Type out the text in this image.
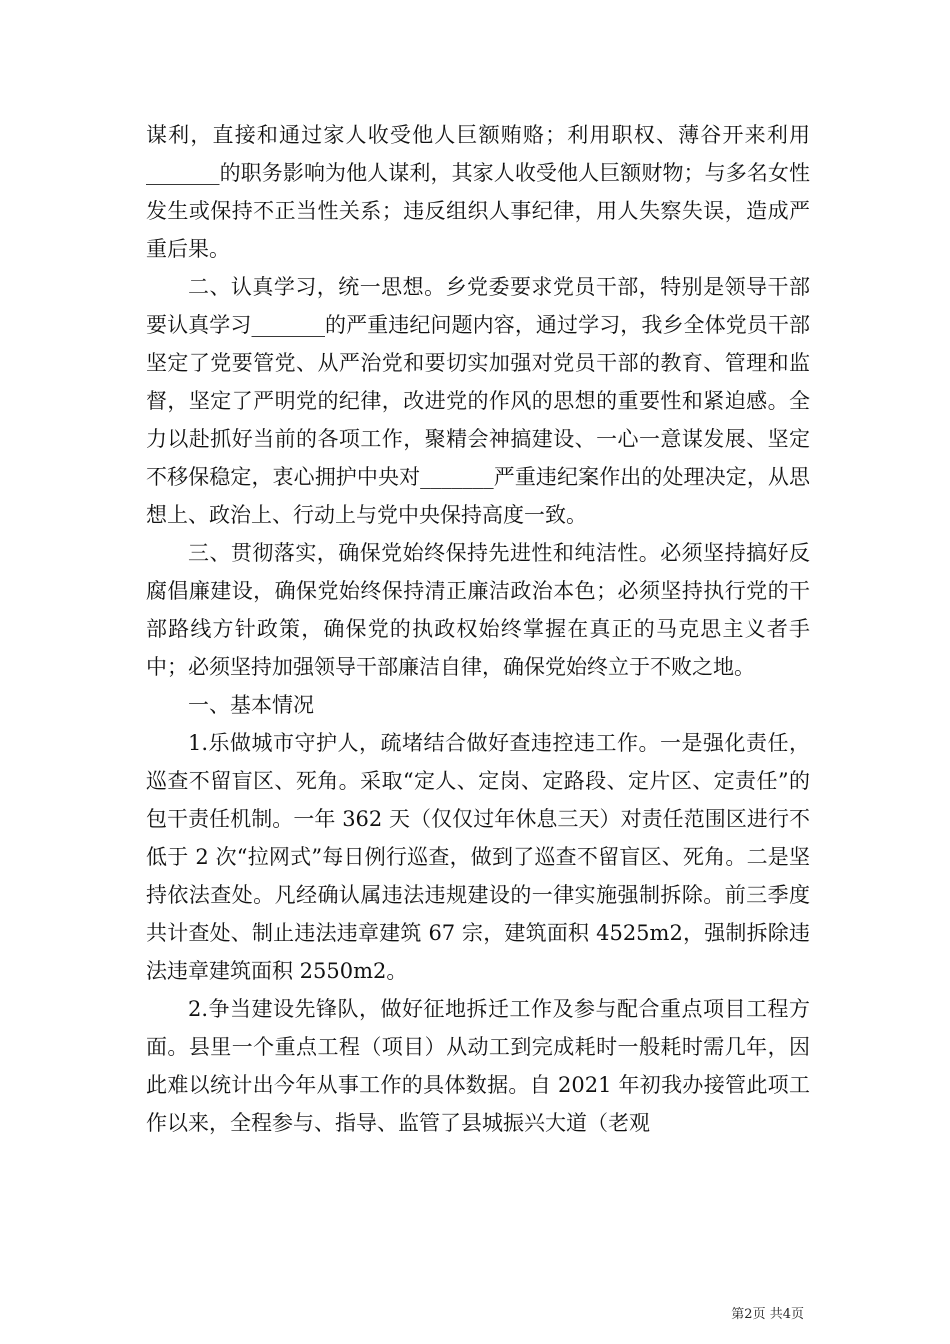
谋利，直接和通过家人收受他人巨额贿赂；利用职权、薄谷开来利用_______的职务影响为他人谋利，其家人收受他人巨额财物；与多名女性发生或保持不正当性关系；违反组织人事纪律，用人失察失误，造成严重后果。

二、认真学习，统一思想。乡党委要求党员干部，特别是领导干部要认真学习_______的严重违纪问题内容，通过学习，我乡全体党员干部坚定了党要管党、从严治党和要切实加强对党员干部的教育、管理和监督，坚定了严明党的纪律，改进党的作风的思想的重要性和紧迫感。全力以赴抓好当前的各项工作，聚精会神搞建设、一心一意谋发展、坚定不移保稳定，衷心拥护中央对_______严重违纪案作出的处理决定，从思想上、政治上、行动上与党中央保持高度一致。

三、贯彻落实，确保党始终保持先进性和纯洁性。必须坚持搞好反腐倡廉建设，确保党始终保持清正廉洁政治本色；必须坚持执行党的干部路线方针政策，确保党的执政权始终掌握在真正的马克思主义者手中；必须坚持加强领导干部廉洁自律，确保党始终立于不败之地。

一、基本情况

1.乐做城市守护人，疏堵结合做好查违控违工作。一是强化责任，巡查不留盲区、死角。采取“定人、定岗、定路段、定片区、定责任”的包干责任机制。一年 362 天（仅仅过年休息三天）对责任范围区进行不低于 2 次“拉网式”每日例行巡查，做到了巡查不留盲区、死角。二是坚持依法查处。凡经确认属违法违规建设的一律实施强制拆除。前三季度共计查处、制止违法违章建筑 67 宗，建筑面积 4525m2，强制拆除违法违章建筑面积 2550m2。

2.争当建设先锋队，做好征地拆迁工作及参与配合重点项目工程方面。县里一个重点工程（项目）从动工到完成耗时一般耗时需几年，因此难以统计出今年从事工作的具体数据。自 2021 年初我办接管此项工作以来，全程参与、指导、监管了县城振兴大道（老观

第2页 共4页
